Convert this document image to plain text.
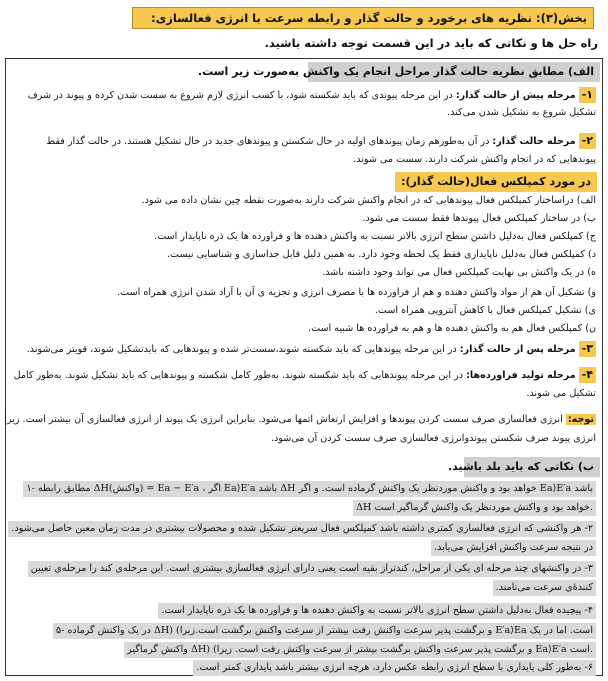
بخش(۳): نظریه های برخورد و حالت گذار و رابطه سرعت با انرژی فعالسازی:
راه حل ها و نکاتی که باید در این قسمت توجه داشته باشید.
الف) مطابق نظریه حالت گذار مراحل انجام یک واکنش به‌صورت زیر است.
۱-مرحله پیش از حالت گذار: در این مرحله پیوندی که باید شکسته شود، با کسب انرژی لازم شروع به سست شدن کرده و پیوند در شرف
تشکیل شروع به تشکیل شدن می‌کند.
۲-مرحله حالت گذار: در آن به‌طورهم زمان پیوندهای اولیه در حال شکستن و پیوندهای جدید در حال تشکیل هستند. در حالت گذار فقط
پیوندهایی که در انجام واکنش شرکت دارند. سست می شوند.
در مورد کمپلکس فعال(حالت گذار):
الف) دراساختار کمپلکس فعال پیوندهایی که در انجام واکنش شرکت دارند به‌صورت نقطه چین نشان داده می شود.
ب) در ساختار کمپلکس فعال پیوندها فقط سست می شود.
ج) کمپلکس فعال به‌دلیل داشتن سطح انرژی بالاتر نسبت به واکنش دهنده ها و فراورده ها یک ذره ناپایدار است.
د) کمپلکس فعال به‌دلیل ناپایداری فقط یک لحظه وجود دارد. به همین دلیل قابل جداسازی و شناسایی نیست.
ه) در یک واکنش بی نهایت کمپلکس فعال می تواند وجود داشته باشد.
و) تشکیل آن هم از مواد واکنش دهنده و هم از فراورده ها با مصرف انرژی و تجزیه ی آن با آزاد شدن انرژی همراه است.
ی) تشکیل کمپلکس فعال با کاهش آنتروپی همراه است.
ن) کمپلکس فعال هم به واکنش دهنده ها و هم به فراورده ها شبیه است.
۳-مرحله پس از حالت گذار: در این مرحله پیوندهایی که باید شکسته شوند،سست‌تر شده و پیوندهایی که بایدتشکیل شوند، قویتر می‌شوند.
۴-مرحله تولید فراورده‌ها: در این مرحله پیوندهایی که باید شکسته شوند. به‌طور کامل شکسته و پیوندهایی که باید تشکیل شوند. به‌طور کامل
تشکیل می شوند.
توجه: انرژی فعالسازی صرف سست کردن پیوندها و افزایش ارتعاش اتمها می‌شود. بنابراین انرژی یک پیوند از انرژی فعالسازی آن بیشتر است. زیرا
انرژی پیوند صرف شکستن پیوندوانرژی فعالسازی صرف سست کردن آن می‌شود.
ب) نکاتی که باید بلد باشید.
۱- مطابق رابطه ΔH(واکنش) = Ea − E′a ، اگر Ea⟩E′a باشد ΔH خواهد بود و واکنش موردنظر یک واکنش گرماده است. و اگر Ea⟩E′a باشد
ΔH خواهد بود و واکنش موردنظر یک واکنش گرماگیر است.
۲- هر واکنشی که انرژی فعالسازی کمتری داشته باشد کمپلکس فعال سریعتر تشکیل شده و محصولات بیشتری در مدت زمان معین حاصل می‌شود.
در نتیجه سرعت واکنش افزایش می‌یابد.
۳- در واکنشهای چند مرحله ای یکی از مراحل، کندتراز بقیه است یعنی دارای انرژی فعالسازی بیشتری است. این مرحله‌ی کند را مرحله‌ی تعیین
کنندهٔ‌ی سرعت می‌نامند.
۴- پیچیده فعال به‌دلیل داشتن سطح انرژی بالاتر نسبت به واکنش دهنده ها و فراورده ها یک ذره ناپایدار است.
۵- در یک واکنش گرماده ΔH) (و برگشت پذیر سرعت واکنش رفت بیشتر از سرعت واکنش برگشت است.زیرا E′a⟩Ea است. اما در یک
واکنش گرماگیر ΔH) (و برگشت پذیر سرعت واکنش برگشت بیشتر از سرعت واکنش رفت است. زیرا Ea⟩E′a است.
۶- به‌طور کلی پایداری با سطح انرژی رابطه عکس دارد، هرچه انرژی بیشتر باشد پایداری کمتر است.
